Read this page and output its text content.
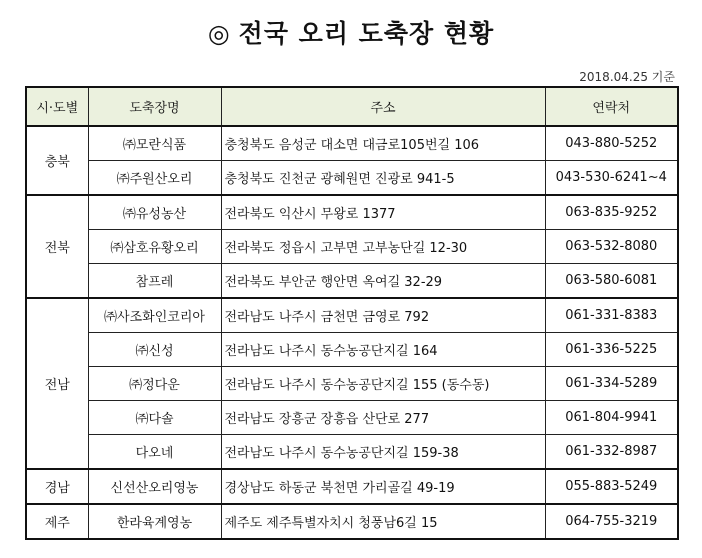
◎ 전국 오리 도축장 현황
2018.04.25 기준
시·도별	도축장명	주소	연락처
충북	㈜모란식품	충청북도 음성군 대소면 대금로105번길 106	043-880-5252
	㈜주원산오리	충청북도 진천군 광혜원면 진광로 941-5	043-530-6241~4
전북	㈜유성농산	전라북도 익산시 무왕로 1377	063-835-9252
	㈜삼호유황오리	전라북도 정읍시 고부면 고부농단길 12-30	063-532-8080
	참프레	전라북도 부안군 행안면 옥여길 32-29	063-580-6081
전남	㈜사조화인코리아	전라남도 나주시 금천면 금영로 792	061-331-8383
	㈜신성	전라남도 나주시 동수농공단지길 164	061-336-5225
	㈜정다운	전라남도 나주시 동수농공단지길 155 (동수동)	061-334-5289
	㈜다솔	전라남도 장흥군 장흥읍 산단로 277	061-804-9941
	다오네	전라남도 나주시 동수농공단지길 159-38	061-332-8987
경남	신선산오리영농	경상남도 하동군 북천면 가리골길 49-19	055-883-5249
제주	한라육계영농	제주도 제주특별자치시 청풍남6길 15	064-755-3219
